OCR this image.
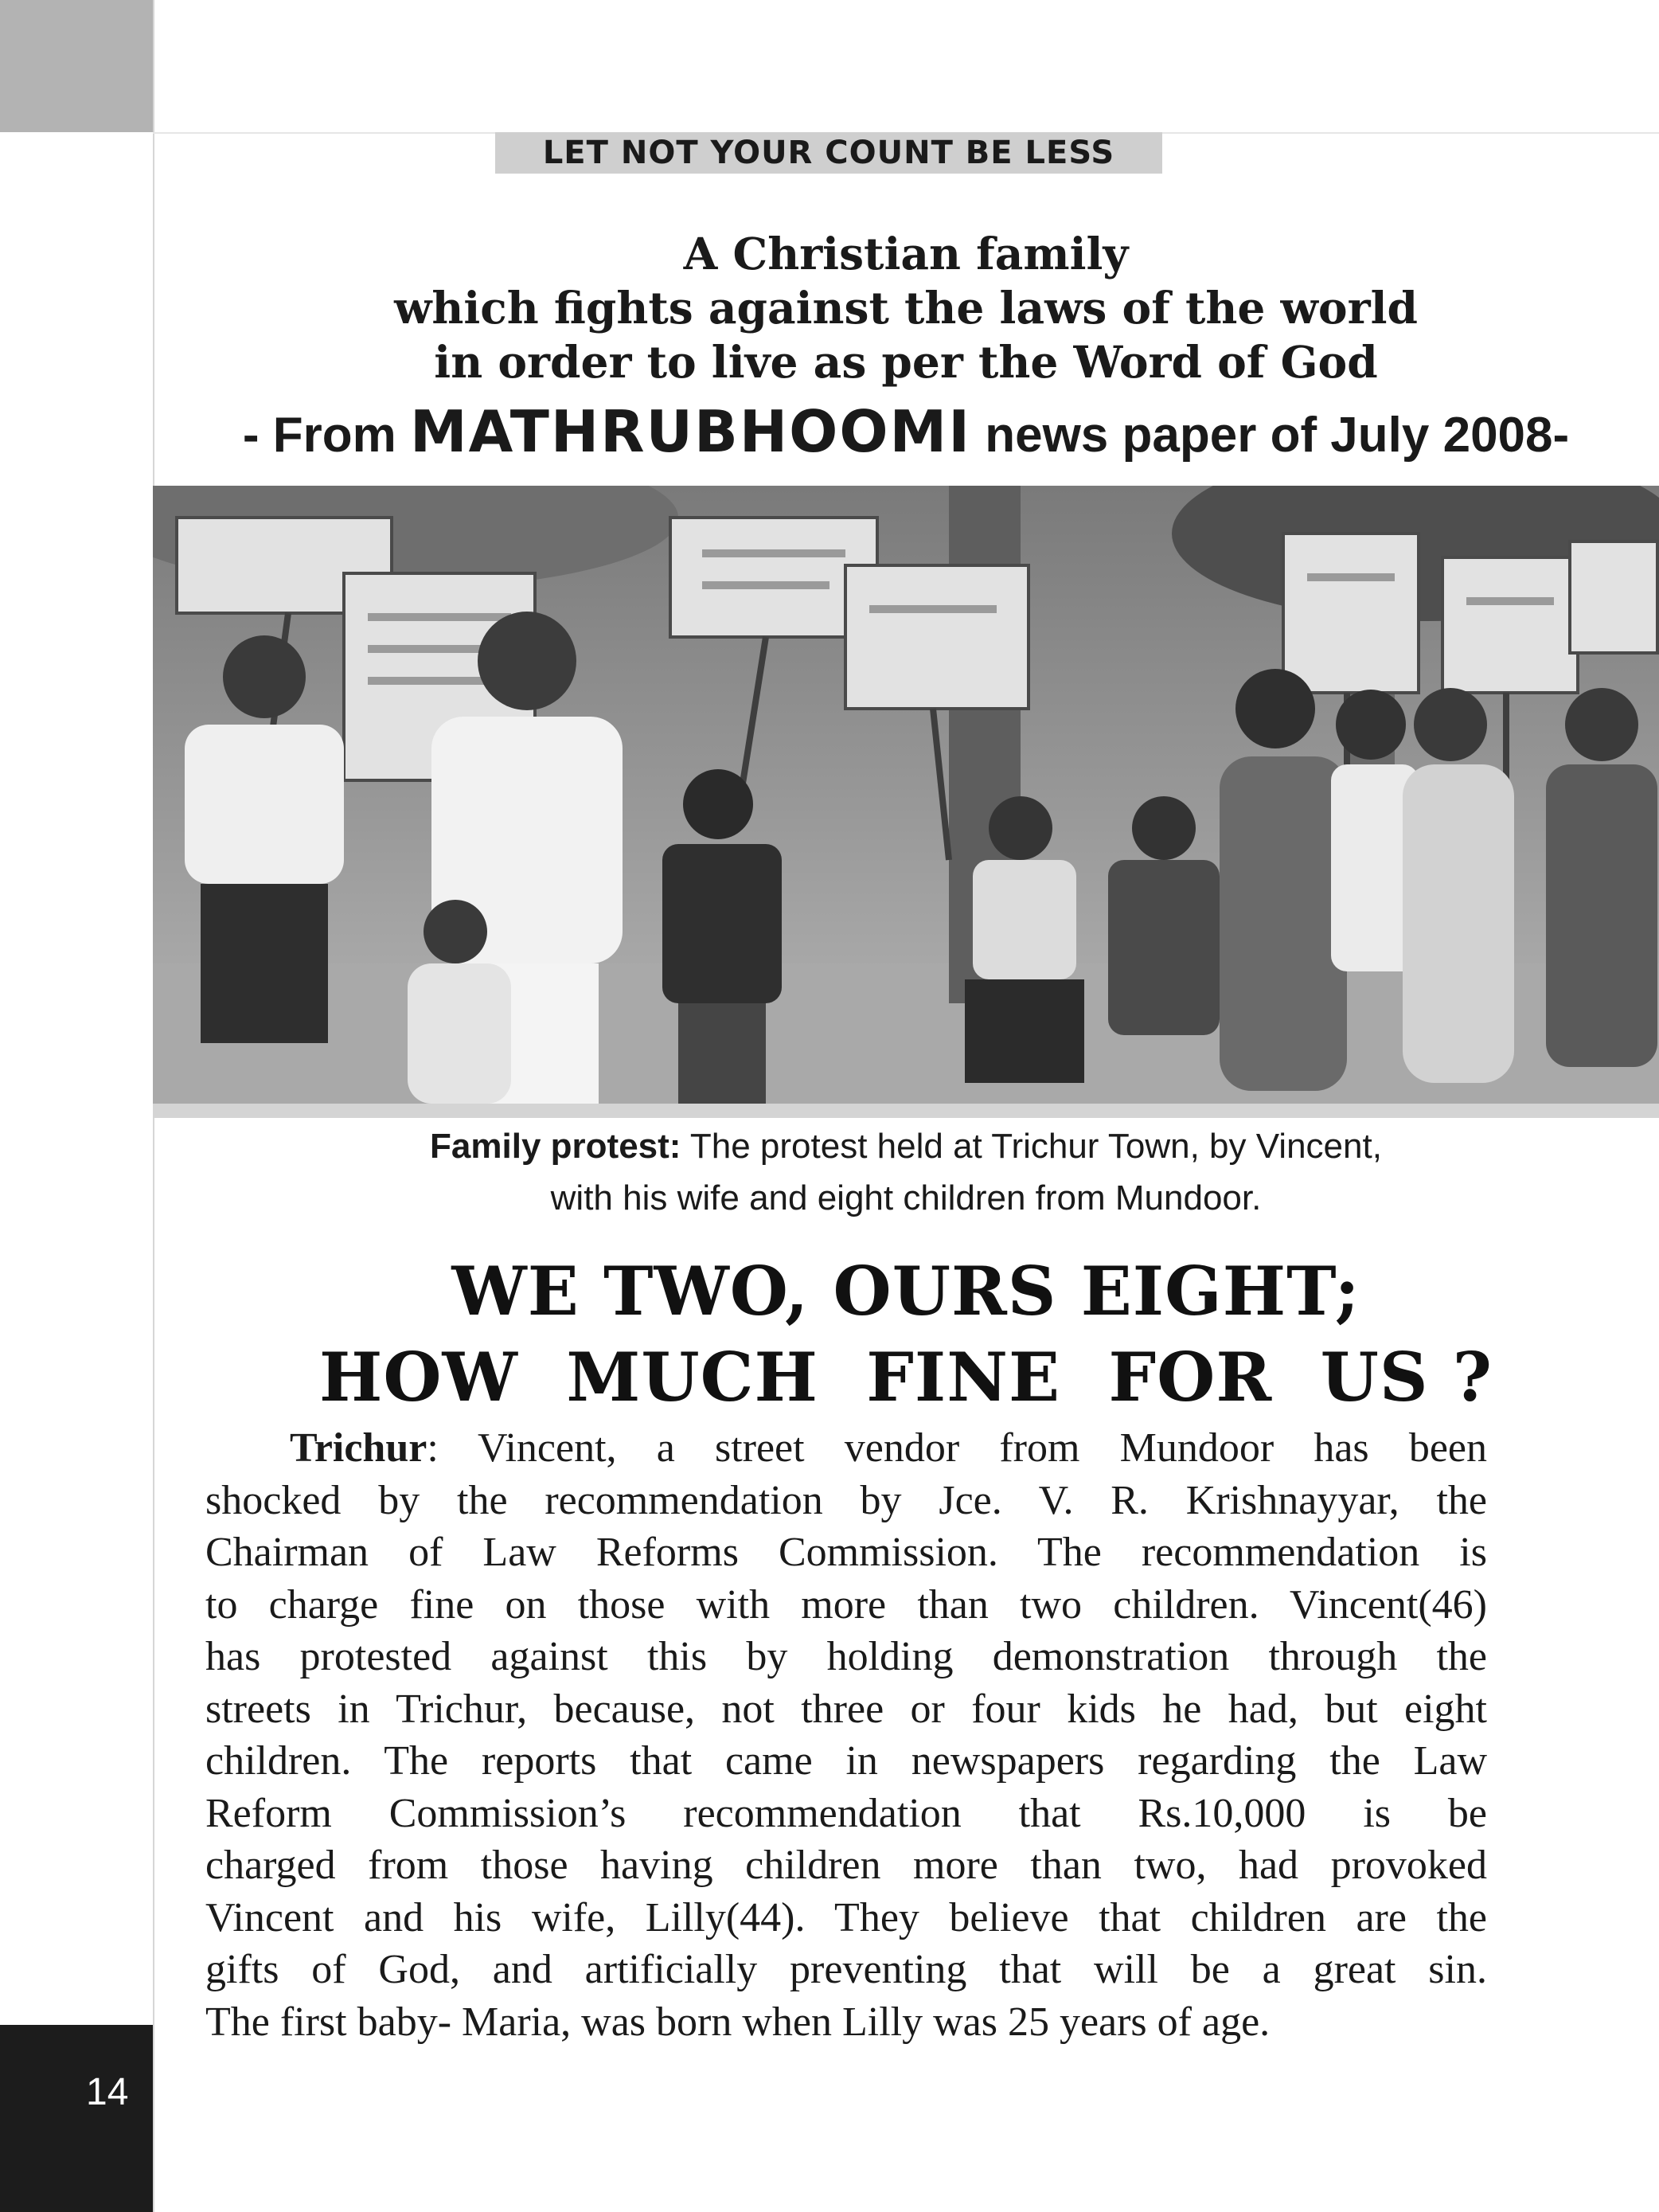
LET NOT YOUR COUNT BE LESS
A Christian family
which fights against the laws of the world
in order to live as per the Word of God
- From MATHRUBHOOMI news paper of July 2008-
Family protest: The protest held at Trichur Town, by Vincent,
with his wife and eight children from Mundoor.
WE TWO, OURS EIGHT;
HOW  MUCH  FINE  FOR  US ?
Trichur: Vincent, a street vendor from Mundoor has been
shocked by the recommendation by Jce. V. R. Krishnayyar, the
Chairman of Law Reforms Commission. The recommendation is
to charge fine on those with more than two children. Vincent(46)
has protested against this by holding demonstration through the
streets in Trichur, because, not three or four kids he had, but eight
children. The reports that came in newspapers regarding the Law
Reform Commission’s recommendation that Rs.10,000 is be
charged from those having children more than two, had provoked
Vincent and his wife, Lilly(44). They believe that children are the
gifts of God, and artificially preventing that will be a great sin.
The first baby- Maria, was born when Lilly was 25 years of age.
14
